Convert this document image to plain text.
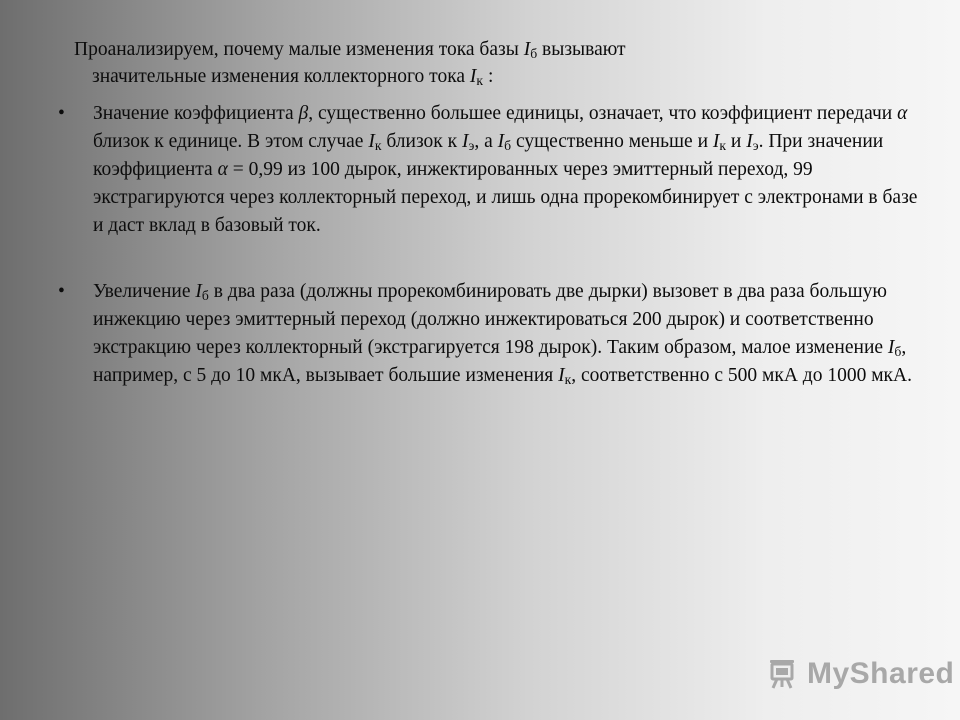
Проанализируем, почему малые изменения тока базы $I_б$ вызывают
значительные изменения коллекторного тока $I_к$ :
•	Значение коэффициента β, существенно большее единицы, означает, что коэффициент передачи α близок к единице. В этом случае $I_к$ близок к $I_э$, а $I_б$ существенно меньше и $I_к$ и $I_э$. При значении коэффициента α = 0,99 из 100 дырок, инжектированных через эмиттерный переход, 99 экстрагируются через коллекторный переход, и лишь одна прорекомбинирует с электронами в базе и даст вклад в базовый ток.
•	Увеличение $I_б$ в два раза (должны прорекомбинировать две дырки) вызовет в два раза большую инжекцию через эмиттерный переход (должно инжектироваться 200 дырок) и соответственно экстракцию через коллекторный (экстрагируется 198 дырок). Таким образом, малое изменение $I_б$, например, с 5 до 10 мкА, вызывает большие изменения $I_к$, соответственно с 500 мкА до 1000 мкА.
MyShared
